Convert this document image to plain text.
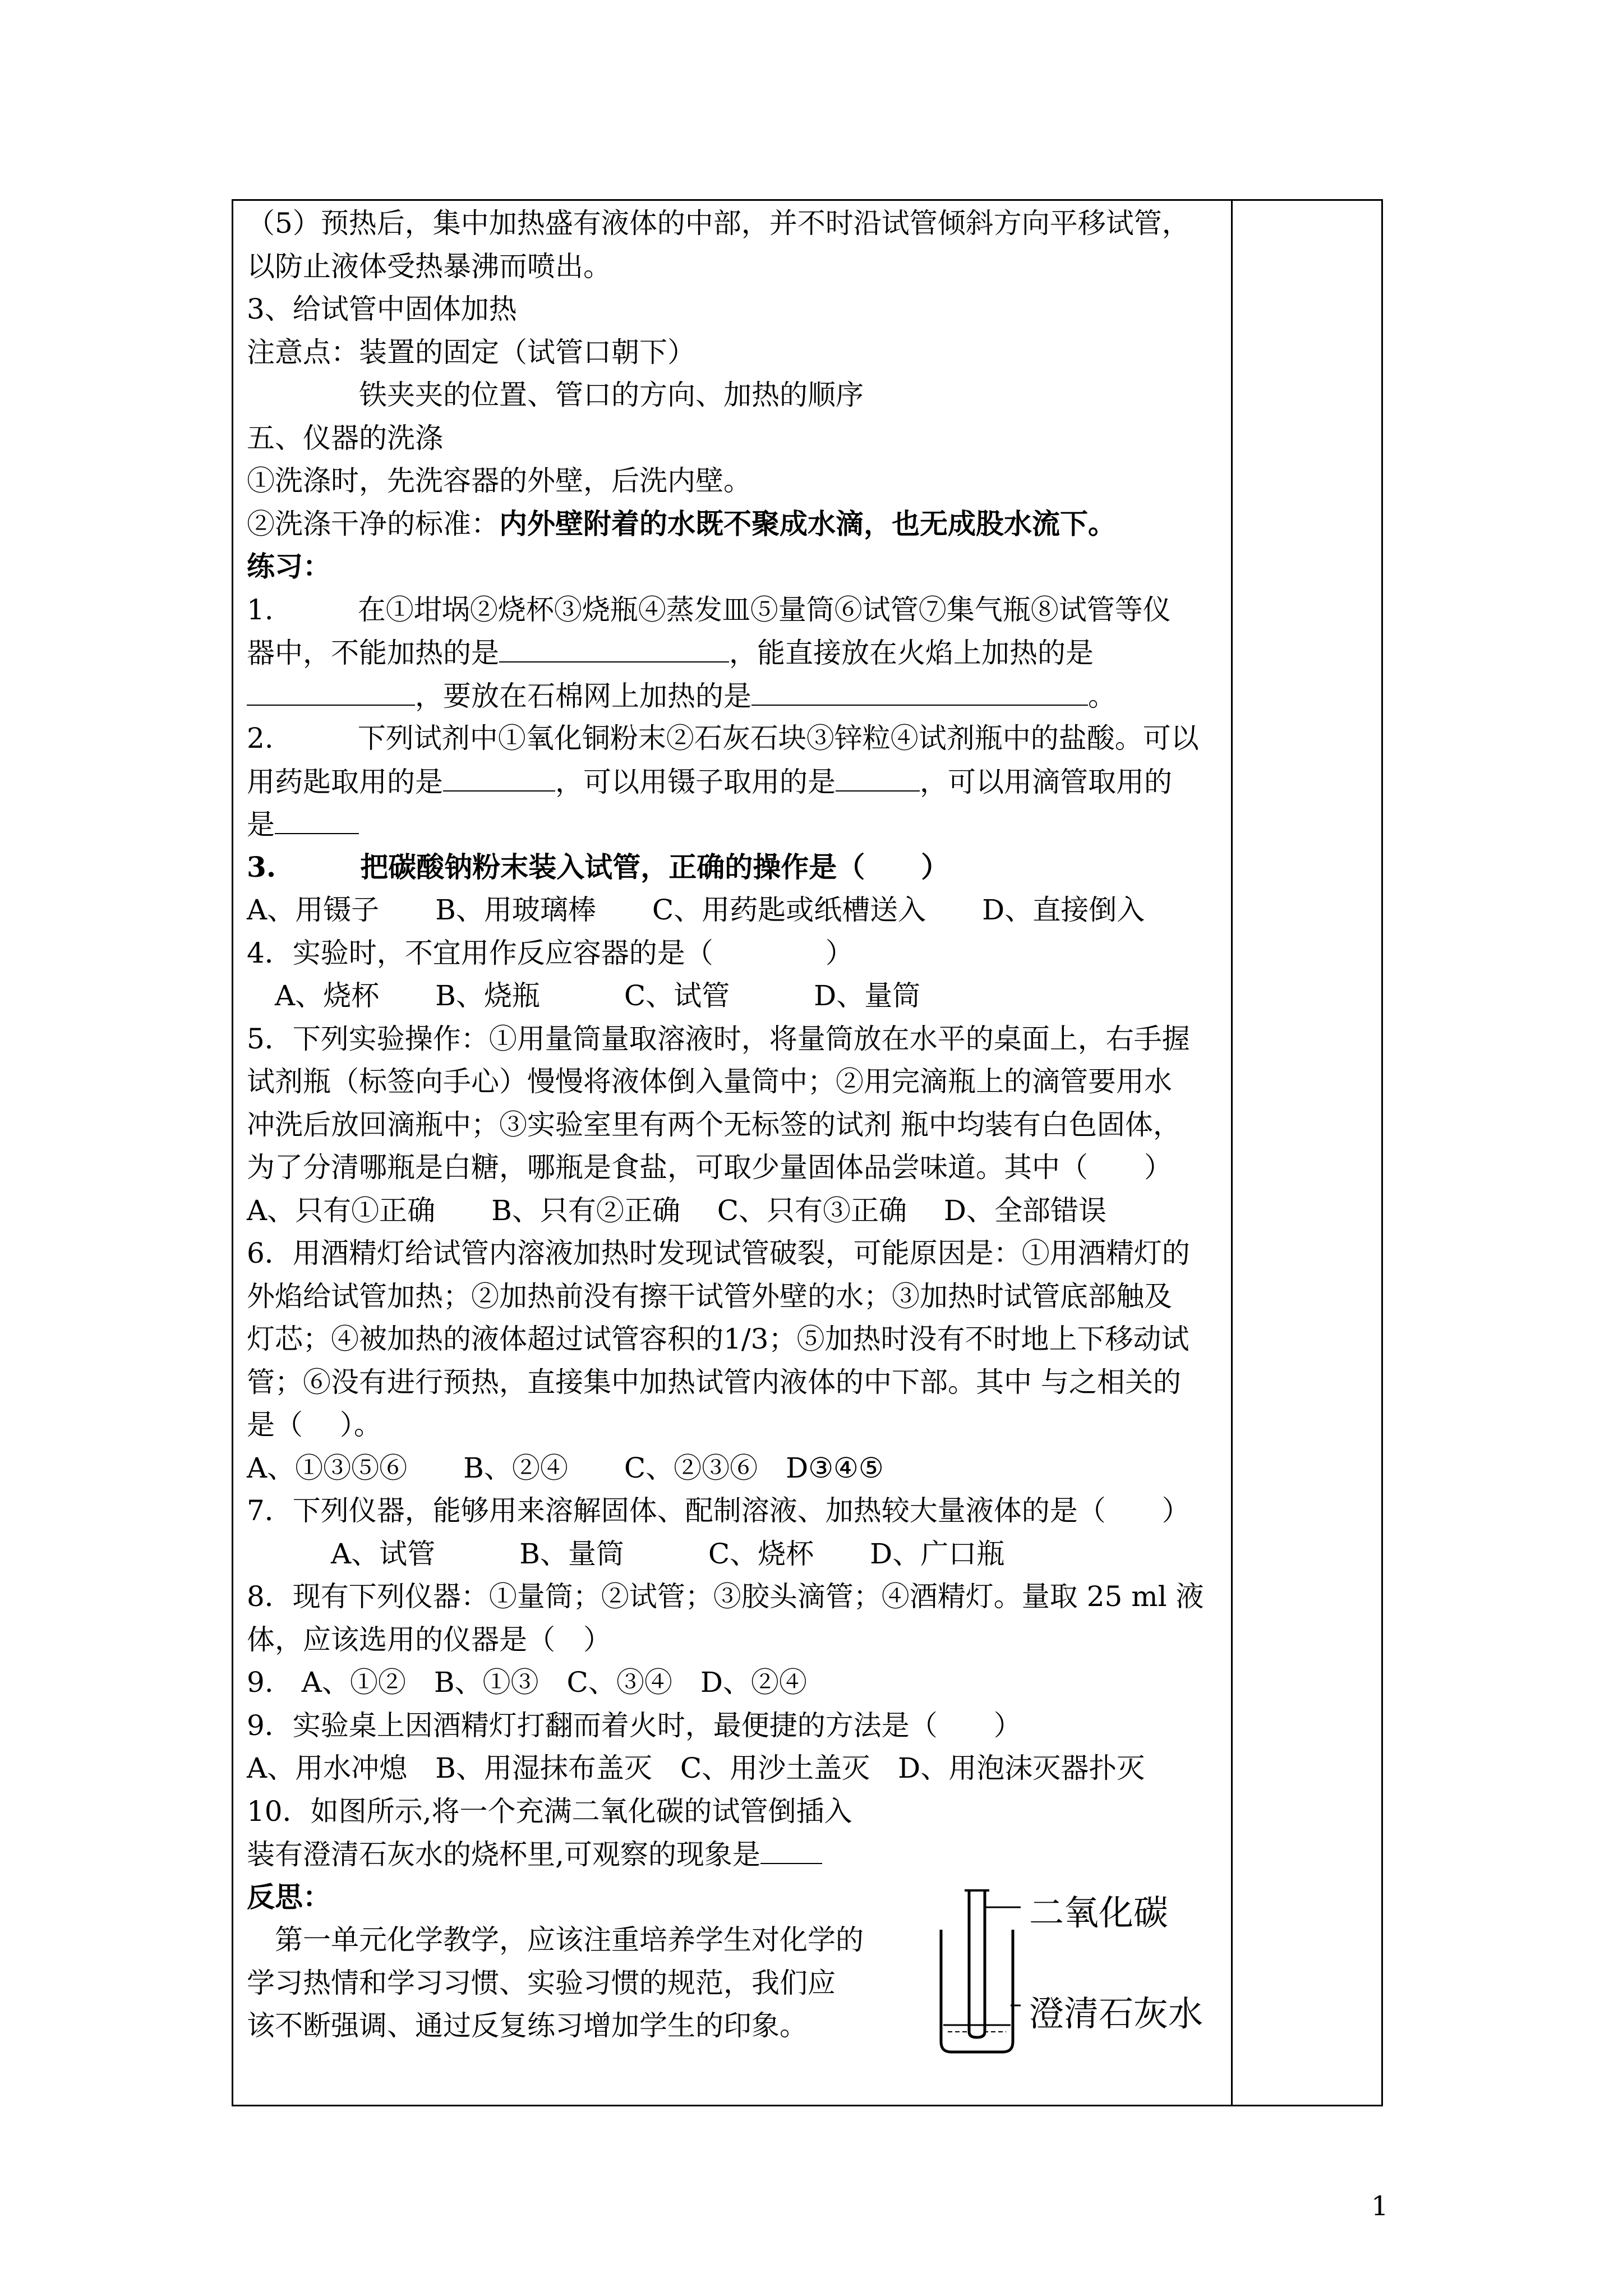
（5）预热后，集中加热盛有液体的中部，并不时沿试管倾斜方向平移试管，
以防止液体受热暴沸而喷出。
3、给试管中固体加热
注意点：装置的固定（试管口朝下）
　　　　铁夹夹的位置、管口的方向、加热的顺序
五、仪器的洗涤
①洗涤时，先洗容器的外壁，后洗内壁。
②洗涤干净的标准：内外壁附着的水既不聚成水滴，也无成股水流下。
练习：
1.　　　在①坩埚②烧杯③烧瓶④蒸发皿⑤量筒⑥试管⑦集气瓶⑧试管等仪
器中，不能加热的是	，能直接放在火焰上加热的是
，要放在石棉网上加热的是	。
2.　　　下列试剂中①氧化铜粉末②石灰石块③锌粒④试剂瓶中的盐酸。可以
用药匙取用的是	，可以用镊子取用的是	，可以用滴管取用的
是
3.　　　把碳酸钠粉末装入试管，正确的操作是（　　）
A、用镊子　　B、用玻璃棒　　C、用药匙或纸槽送入　　D、直接倒入
4．实验时，不宜用作反应容器的是（　　　　）
　A、烧杯　　B、烧瓶　　　C、试管　　　D、量筒
5．下列实验操作：①用量筒量取溶液时，将量筒放在水平的桌面上，右手握
试剂瓶（标签向手心）慢慢将液体倒入量筒中；②用完滴瓶上的滴管要用水
冲洗后放回滴瓶中；③实验室里有两个无标签的试剂 瓶中均装有白色固体，
为了分清哪瓶是白糖，哪瓶是食盐，可取少量固体品尝味道。其中（　　）
A、只有①正确　　B、只有②正确　 C、只有③正确　 D、全部错误
6．用酒精灯给试管内溶液加热时发现试管破裂，可能原因是：①用酒精灯的
外焰给试管加热；②加热前没有擦干试管外壁的水；③加热时试管底部触及
灯芯；④被加热的液体超过试管容积的1/3；⑤加热时没有不时地上下移动试
管；⑥没有进行预热，直接集中加热试管内液体的中下部。其中 与之相关的
是（　 ）。
A、①③⑤⑥　　B、②④　　C、②③⑥　D③④⑤
7．下列仪器，能够用来溶解固体、配制溶液、加热较大量液体的是（　　）
　　　A、试管　　　B、量筒　　　C、烧杯　　D、广口瓶
8．现有下列仪器：①量筒；②试管；③胶头滴管；④酒精灯。量取 25 ml 液
体，应该选用的仪器是（　）
9.　A、①②　B、①③　C、③④　D、②④
9．实验桌上因酒精灯打翻而着火时，最便捷的方法是（　　）
A、用水冲熄　B、用湿抹布盖灭　C、用沙土盖灭　D、用泡沫灭器扑灭
10．如图所示,将一个充满二氧化碳的试管倒插入
装有澄清石灰水的烧杯里,可观察的现象是
反思：
　第一单元化学教学，应该注重培养学生对化学的
学习热情和学习习惯、实验习惯的规范，我们应
该不断强调、通过反复练习增加学生的印象。
二氧化碳
澄清石灰水
1
